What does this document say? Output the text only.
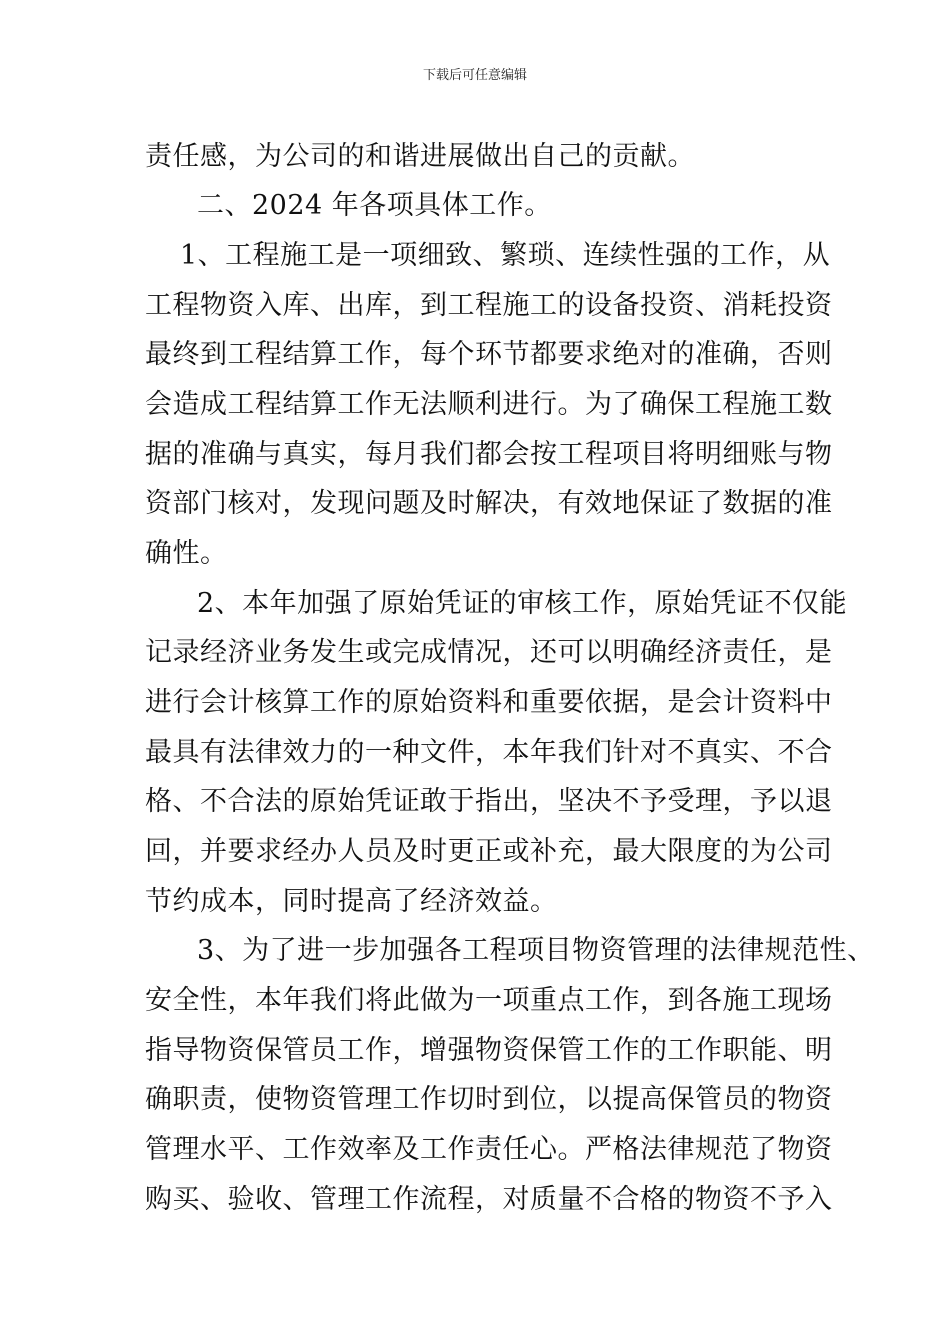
下载后可任意编辑
责任感，为公司的和谐进展做出自己的贡献。
二、2024 年各项具体工作。
1、工程施工是一项细致、繁琐、连续性强的工作，从
工程物资入库、出库，到工程施工的设备投资、消耗投资
最终到工程结算工作，每个环节都要求绝对的准确，否则
会造成工程结算工作无法顺利进行。为了确保工程施工数
据的准确与真实，每月我们都会按工程项目将明细账与物
资部门核对，发现问题及时解决，有效地保证了数据的准
确性。
2、本年加强了原始凭证的审核工作，原始凭证不仅能
记录经济业务发生或完成情况，还可以明确经济责任，是
进行会计核算工作的原始资料和重要依据，是会计资料中
最具有法律效力的一种文件，本年我们针对不真实、不合
格、不合法的原始凭证敢于指出，坚决不予受理，予以退
回，并要求经办人员及时更正或补充，最大限度的为公司
节约成本，同时提高了经济效益。
3、为了进一步加强各工程项目物资管理的法律规范性、
安全性，本年我们将此做为一项重点工作，到各施工现场
指导物资保管员工作，增强物资保管工作的工作职能、明
确职责，使物资管理工作切时到位，以提高保管员的物资
管理水平、工作效率及工作责任心。严格法律规范了物资
购买、验收、管理工作流程，对质量不合格的物资不予入
